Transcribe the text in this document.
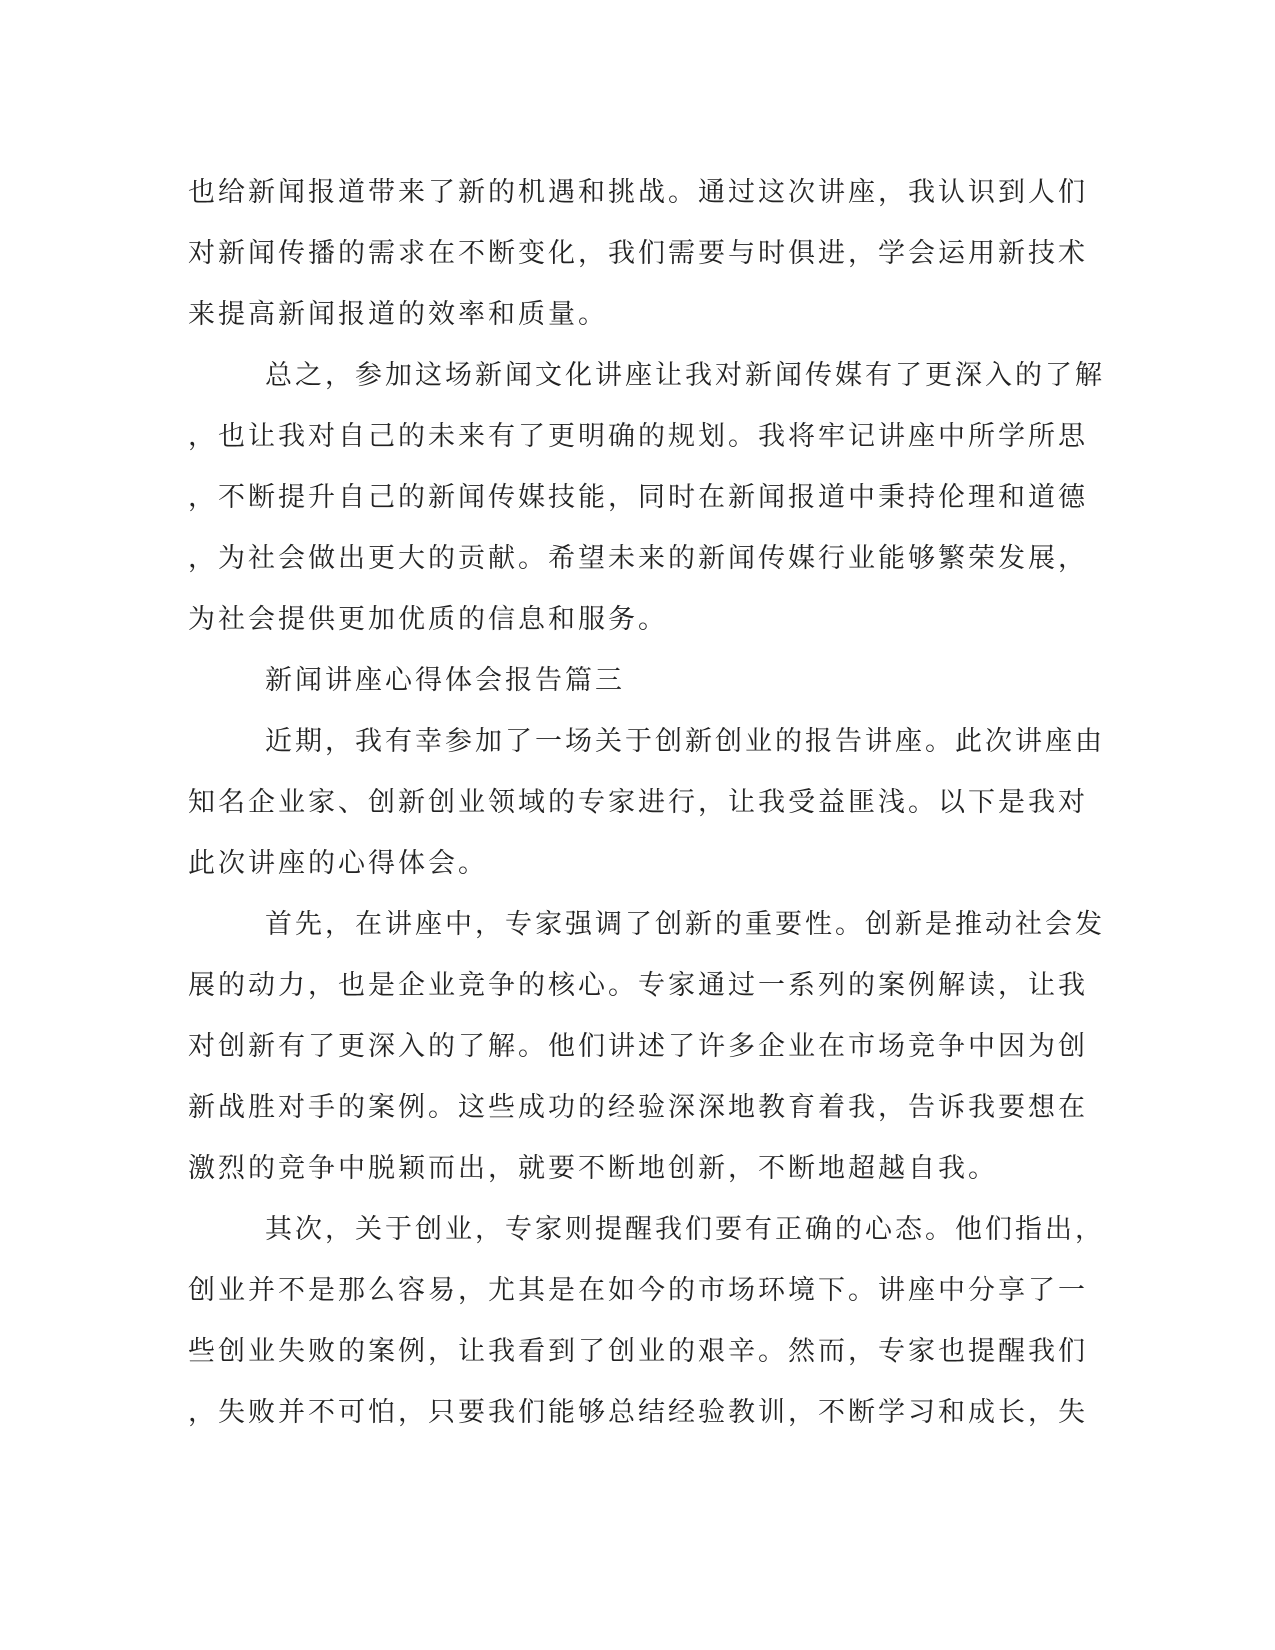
也给新闻报道带来了新的机遇和挑战。通过这次讲座，我认识到人们
对新闻传播的需求在不断变化，我们需要与时俱进，学会运用新技术
来提高新闻报道的效率和质量。
总之，参加这场新闻文化讲座让我对新闻传媒有了更深入的了解
，也让我对自己的未来有了更明确的规划。我将牢记讲座中所学所思
，不断提升自己的新闻传媒技能，同时在新闻报道中秉持伦理和道德
，为社会做出更大的贡献。希望未来的新闻传媒行业能够繁荣发展，
为社会提供更加优质的信息和服务。
新闻讲座心得体会报告篇三
近期，我有幸参加了一场关于创新创业的报告讲座。此次讲座由
知名企业家、创新创业领域的专家进行，让我受益匪浅。以下是我对
此次讲座的心得体会。
首先，在讲座中，专家强调了创新的重要性。创新是推动社会发
展的动力，也是企业竞争的核心。专家通过一系列的案例解读，让我
对创新有了更深入的了解。他们讲述了许多企业在市场竞争中因为创
新战胜对手的案例。这些成功的经验深深地教育着我，告诉我要想在
激烈的竞争中脱颖而出，就要不断地创新，不断地超越自我。
其次，关于创业，专家则提醒我们要有正确的心态。他们指出，
创业并不是那么容易，尤其是在如今的市场环境下。讲座中分享了一
些创业失败的案例，让我看到了创业的艰辛。然而，专家也提醒我们
，失败并不可怕，只要我们能够总结经验教训，不断学习和成长，失
